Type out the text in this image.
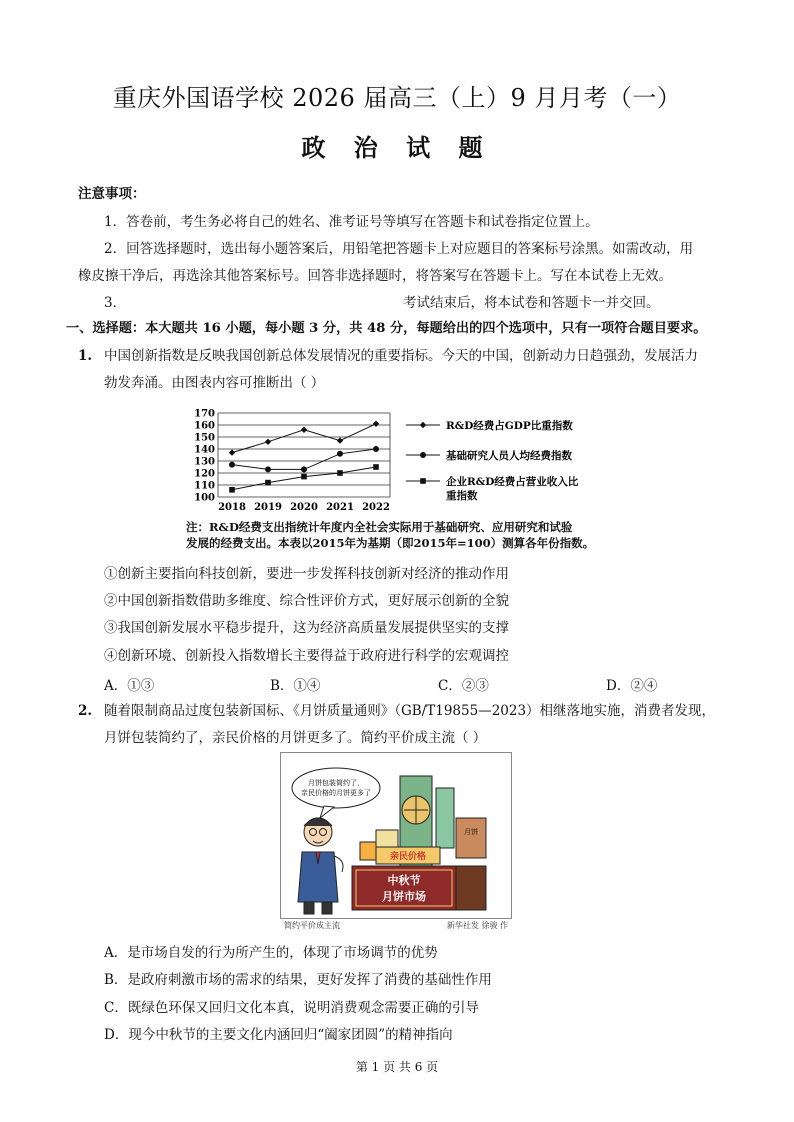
重庆外国语学校 2026 届高三（上）9 月月考（一）
政 治 试 题
注意事项：
1．答卷前，考生务必将自己的姓名、准考证号等填写在答题卡和试卷指定位置上。
2．回答选择题时，选出每小题答案后，用铅笔把答题卡上对应题目的答案标号涂黑。如需改动，用
橡皮擦干净后，再选涂其他答案标号。回答非选择题时，将答案写在答题卡上。写在本试卷上无效。
3．	考试结束后，将本试卷和答题卡一并交回。
一、选择题：本大题共 16 小题，每小题 3 分，共 48 分，每题给出的四个选项中，只有一项符合题目要求。
1. 中国创新指数是反映我国创新总体发展情况的重要指标。今天的中国，创新动力日趋强劲，发展活力
勃发奔涌。由图表内容可推断出（ ）
170
160
150
140
130
120
110
100
2018 2019 2020 2021 2022
R&D经费占GDP比重指数
基础研究人员人均经费指数
企业R&D经费占营业收入比
重指数
注：R&D经费支出指统计年度内全社会实际用于基础研究、应用研究和试验
发展的经费支出。本表以2015年为基期（即2015年=100）测算各年份指数。
①创新主要指向科技创新，要进一步发挥科技创新对经济的推动作用
②中国创新指数借助多维度、综合性评价方式，更好展示创新的全貌
③我国创新发展水平稳步提升，这为经济高质量发展提供坚实的支撑
④创新环境、创新投入指数增长主要得益于政府进行科学的宏观调控
A．①③	B．①④	C．②③	D．②④
2. 随着限制商品过度包装新国标、《月饼质量通则》（GB/T19855—2023）相继落地实施，消费者发现，
月饼包装简约了，亲民价格的月饼更多了。简约平价成主流（ ）
月饼包装简约了，
亲民价格的月饼更多了
月饼
亲民价格
中秋节
月饼市场
简约平价成主流	新华社发 徐骏 作
A．是市场自发的行为所产生的，体现了市场调节的优势
B．是政府刺激市场的需求的结果，更好发挥了消费的基础性作用
C．既绿色环保又回归文化本真，说明消费观念需要正确的引导
D．现今中秋节的主要文化内涵回归“阖家团圆”的精神指向
第 1 页 共 6 页
